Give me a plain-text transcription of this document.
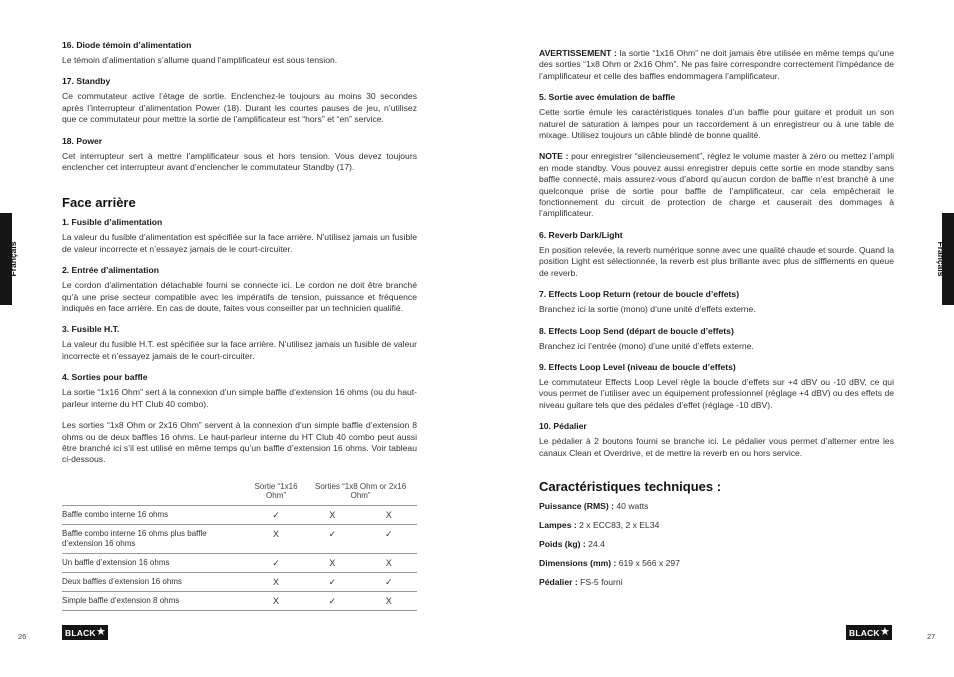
Français	Français
16. Diode témoin d’alimentation

Le témoin d’alimentation s’allume quand l’amplificateur est sous tension.

17. Standby

Ce commutateur active l’étage de sortie. Enclenchez-le toujours au moins 30 secondes après l’interrupteur d’alimentation Power (18). Durant les courtes pauses de jeu, n’utilisez que ce commutateur pour mettre la sortie de l’amplificateur est “hors” et “en” service.

18. Power

Cet interrupteur sert à mettre l’amplificateur sous et hors tension. Vous devez toujours enclencher cet interrupteur avant d’enclencher le commutateur Standby (17).

Face arrière
1. Fusible d’alimentation

La valeur du fusible d’alimentation est spécifiée sur la face arrière. N’utilisez jamais un fusible de valeur incorrecte et n’essayez jamais de le court-circuiter.

2. Entrée d’alimentation

Le cordon d’alimentation détachable fourni se connecte ici. Le cordon ne doit être branché qu’à une prise secteur compatible avec les impératifs de tension, puissance et fréquence indiqués en face arrière. En cas de doute, faites vous conseiller par un technicien qualifié.

3. Fusible H.T.

La valeur du fusible H.T. est spécifiée sur la face arrière. N’utilisez jamais un fusible de valeur incorrecte et n’essayez jamais de le court-circuiter.

4. Sorties pour baffle

La sortie “1x16 Ohm” sert à la connexion d’un simple baffle d’extension 16 ohms (ou du haut-parleur interne du HT Club 40 combo).

Les sorties “1x8 Ohm or 2x16 Ohm” servent à la connexion d’un simple baffle d’extension 8 ohms ou de deux baffles 16 ohms. Le haut-parleur interne du HT Club 40 combo peut aussi être branché ici s’il est utilisé en même temps qu’un baffle d’extension 16 ohms. Voir tableau ci-dessous.

	Sortie “1x16 Ohm”	Sorties “1x8 Ohm or 2x16 Ohm”	
Baffle combo interne 16 ohms	✓	X	X
Baffle combo interne 16 ohms plus baffle d’extension 16 ohms	X	✓	✓
Un baffle d’extension 16 ohms	✓	X	X
Deux baffles d’extension 16 ohms	X	✓	✓
Simple baffle d’extension 8 ohms	X	✓	X

AVERTISSEMENT : la sortie “1x16 Ohm” ne doit jamais être utilisée en même temps qu’une des sorties “1x8 Ohm or 2x16 Ohm”. Ne pas faire correspondre correctement l’impédance de l’amplificateur et celle des baffles endommagera l’amplificateur.

5. Sortie avec émulation de baffle

Cette sortie émule les caractéristiques tonales d’un baffle pour guitare et produit un son naturel de saturation à lampes pour un raccordement à un enregistreur ou à une table de mixage. Utilisez toujours un câble blindé de bonne qualité.

NOTE : pour enregistrer “silencieusement”, réglez le volume master à zéro ou mettez l’ampli en mode standby. Vous pouvez aussi enregistrer depuis cette sortie en mode standby sans baffle connecté, mais assurez-vous d’abord qu’aucun cordon de baffle n’est branché à une quelconque prise de sortie pour baffle de l’amplificateur, car cela empêcherait le fonctionnement du circuit de protection de charge et causerait des dommages à l’amplificateur.

6. Reverb Dark/Light

En position relevée, la reverb numérique sonne avec une qualité chaude et sourde. Quand la position Light est sélectionnée, la reverb est plus brillante avec plus de sifflements en queue de reverb.

7. Effects Loop Return (retour de boucle d’effets)

Branchez ici la sortie (mono) d’une unité d’effets externe.

8. Effects Loop Send (départ de boucle d’effets)

Branchez ici l’entrée (mono) d’une unité d’effets externe.

9. Effects Loop Level (niveau de boucle d’effets)

Le commutateur Effects Loop Level règle la boucle d’effets sur +4 dBV ou -10 dBV, ce qui vous permet de l’utiliser avec un équipement professionnel (réglage +4 dBV) ou des effets de niveau guitare tels que des pédales d’effet (réglage -10 dBV).

10. Pédalier

Le pédalier à 2 boutons fourni se branche ici. Le pédalier vous permet d’alterner entre les canaux Clean et Overdrive, et de mettre la reverb en ou hors service.

Caractéristiques techniques :
Puissance (RMS) : 40 watts
Lampes : 2 x ECC83, 2 x EL34
Poids (kg) : 24.4
Dimensions (mm) : 619 x 566 x 297
Pédalier : FS-5 fourni
26	27
BLACK ★	BLACK ★
